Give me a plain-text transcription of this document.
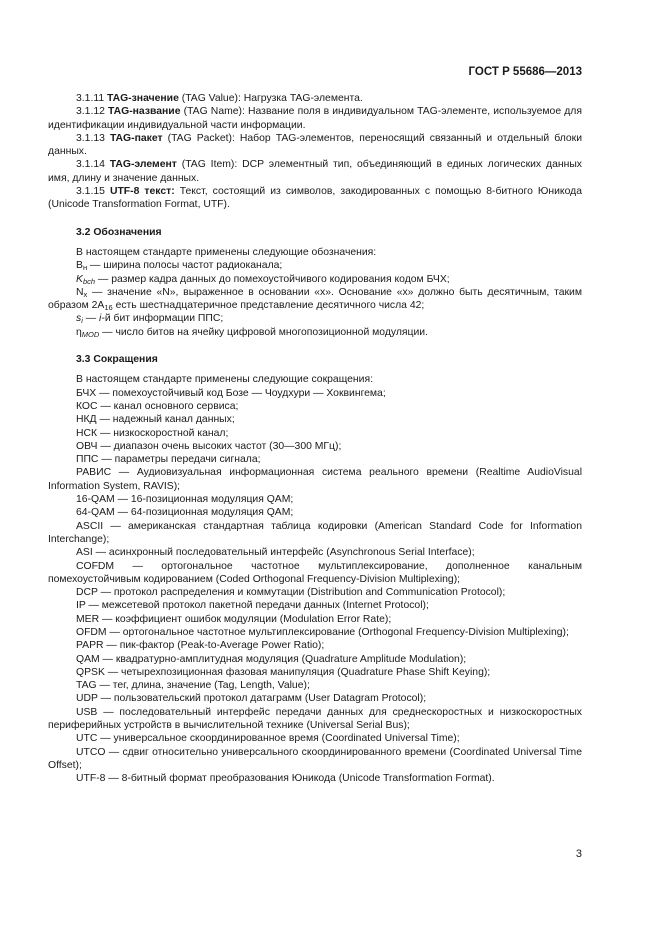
ГОСТ Р 55686—2013

3.1.11 TAG-значение (TAG Value): Нагрузка TAG-элемента.

3.1.12 TAG-название (TAG Name): Название поля в индивидуальном TAG-элементе, используемое для идентификации индивидуальной части информации.

3.1.13 TAG-пакет (TAG Packet): Набор TAG-элементов, переносящий связанный и отдельный блоки данных.

3.1.14 TAG-элемент (TAG Item): DCP элементный тип, объединяющий в единых логических данных имя, длину и значение данных.

3.1.15 UTF-8 текст: Текст, состоящий из символов, закодированных с помощью 8-битного Юникода (Unicode Transformation Format, UTF).

3.2 Обозначения

В настоящем стандарте применены следующие обозначения:

$B_н$ — ширина полосы частот радиоканала;

$K_{bch}$ — размер кадра данных до помехоустойчивого кодирования кодом БЧХ;

$N_x$ — значение «N», выраженное в основании «x». Основание «x» должно быть десятичным, таким образом $2A_{16}$ есть шестнадцатеричное представление десятичного числа 42;

$s_i$ — i-й бит информации ППС;

$\eta_{MOD}$ — число битов на ячейку цифровой многопозиционной модуляции.

3.3 Сокращения

В настоящем стандарте применены следующие сокращения:

БЧХ — помехоустойчивый код Бозе — Чоудхури — Хоквингема;

КОС — канал основного сервиса;

НКД — надежный канал данных;

НСК — низкоскоростной канал;

ОВЧ — диапазон очень высоких частот (30—300 МГц);

ППС — параметры передачи сигнала;

РАВИС — Аудиовизуальная информационная система реального времени (Realtime AudioVisual Information System, RAVIS);

16-QAM — 16-позиционная модуляция QAM;

64-QAM — 64-позиционная модуляция QAM;

ASCII — американская стандартная таблица кодировки (American Standard Code for Information Interchange);

ASI — асинхронный последовательный интерфейс (Asynchronous Serial Interface);

COFDM — ортогональное частотное мультиплексирование, дополненное канальным помехоустойчивым кодированием (Coded Orthogonal Frequency-Division Multiplexing);

DCP — протокол распределения и коммутации (Distribution and Communication Protocol);

IP — межсетевой протокол пакетной передачи данных (Internet Protocol);

MER — коэффициент ошибок модуляции (Modulation Error Rate);

OFDM — ортогональное частотное мультиплексирование (Orthogonal Frequency-Division Multiplexing);

PAPR — пик-фактор (Peak-to-Average Power Ratio);

QAM — квадратурно-амплитудная модуляция (Quadrature Amplitude Modulation);

QPSK — четырехпозиционная фазовая манипуляция (Quadrature Phase Shift Keying);

TAG — тег, длина, значение (Tag, Length, Value);

UDP — пользовательский протокол датаграмм (User Datagram Protocol);

USB — последовательный интерфейс передачи данных для среднескоростных и низкоскоростных периферийных устройств в вычислительной технике (Universal Serial Bus);

UTC — универсальное скоординированное время (Coordinated Universal Time);

UTCO — сдвиг относительно универсального скоординированного времени (Coordinated Universal Time Offset);

UTF-8 — 8-битный формат преобразования Юникода (Unicode Transformation Format).

3
